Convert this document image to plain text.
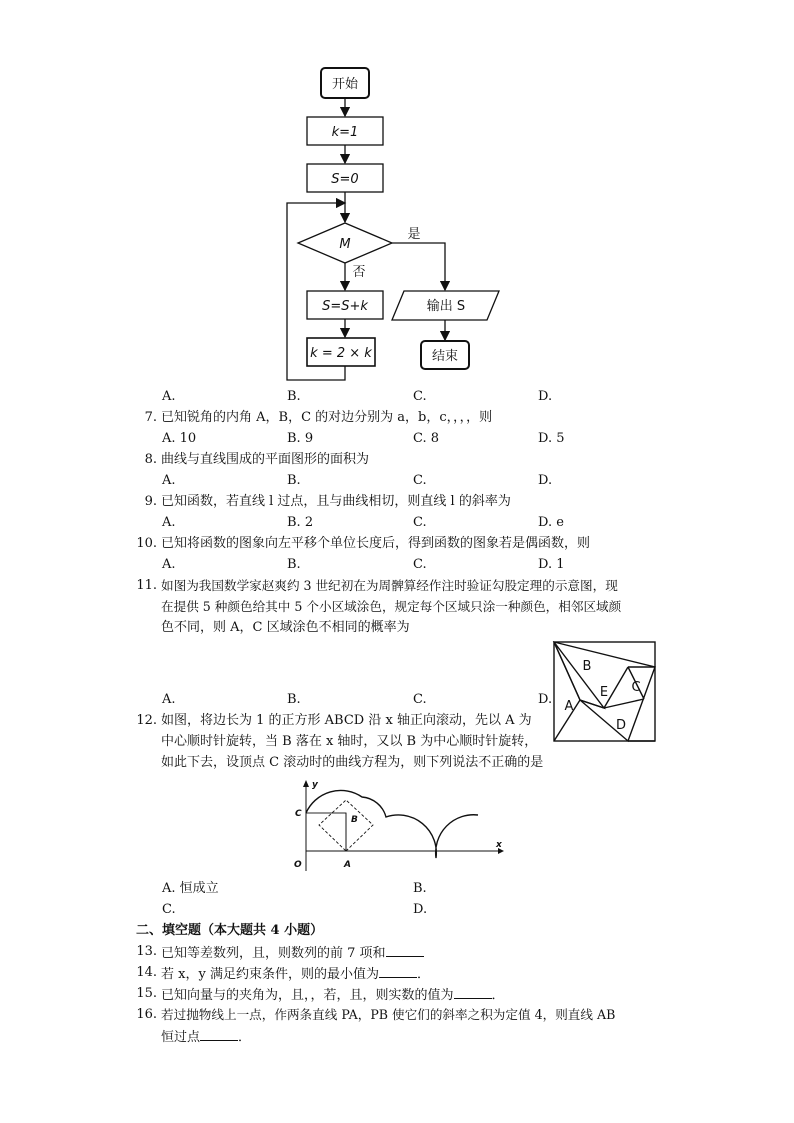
开始
k=1
S=0
M
是
否
S=S+k
k = 2 × k
输出 S
结束
A.	B.	C.	D.
7. 已知锐角的内角 A，B，C 的对边分别为 a，b，c，，，，则
A. 10	B. 9	C. 8	D. 5
8. 曲线与直线围成的平面图形的面积为
A.	B.	C.	D.
9. 已知函数，若直线 l 过点，且与曲线相切，则直线 l 的斜率为
A.	B. 2	C.	D. e
10. 已知将函数的图象向左平移个单位长度后，得到函数的图象若是偶函数，则
A.	B.	C.	D. 1
11. 如图为我国数学家赵爽约 3 世纪初在为周髀算经作注时验证勾股定理的示意图，现
在提供 5 种颜色给其中 5 个小区域涂色，规定每个区域只涂一种颜色，相邻区域颜
色不同，则 A，C 区域涂色不相同的概率为
B
A
E C
D
A.	B.	C.	D.
12. 如图，将边长为 1 的正方形 ABCD 沿 x 轴正向滚动，先以 A 为
中心顺时针旋转，当 B 落在 x 轴时，又以 B 为中心顺时针旋转，
如此下去，设顶点 C 滚动时的曲线方程为，则下列说法不正确的是
y
x
C
B
O	A
A. 恒成立	B.
C.	D.
二、填空题（本大题共 4 小题）
13. 已知等差数列，且，则数列的前 7 项和
14. 若 x，y 满足约束条件，则的最小值为	．
15. 已知向量与的夹角为，且，，若，且，则实数的值为	．
16. 若过抛物线上一点，作两条直线 PA，PB 使它们的斜率之积为定值 4，则直线 AB
恒过点	．
